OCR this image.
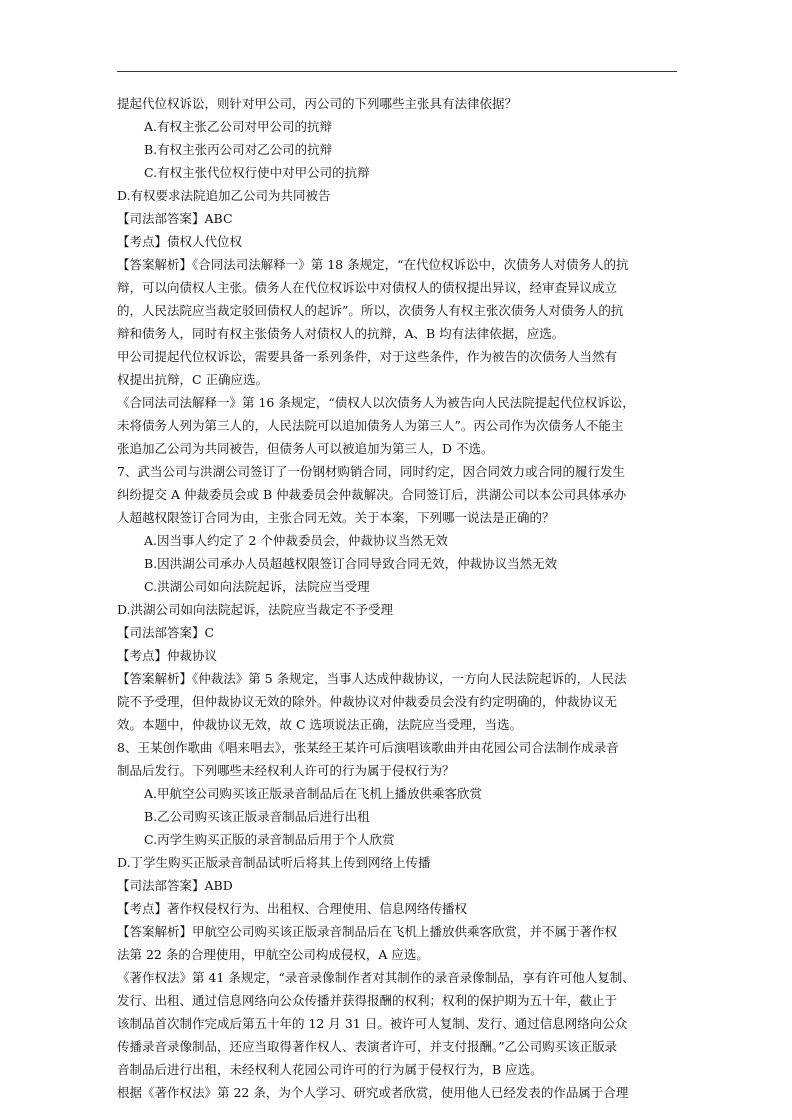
提起代位权诉讼，则针对甲公司，丙公司的下列哪些主张具有法律依据？
A.有权主张乙公司对甲公司的抗辩
B.有权主张丙公司对乙公司的抗辩
C.有权主张代位权行使中对甲公司的抗辩
D.有权要求法院追加乙公司为共同被告
【司法部答案】ABC
【考点】债权人代位权
【答案解析】《合同法司法解释一》第 18 条规定，“在代位权诉讼中，次债务人对债务人的抗
辩，可以向债权人主张。债务人在代位权诉讼中对债权人的债权提出异议，经审查异议成立
的，人民法院应当裁定驳回债权人的起诉”。所以，次债务人有权主张次债务人对债务人的抗
辩和债务人，同时有权主张债务人对债权人的抗辩，A、B 均有法律依据，应选。
甲公司提起代位权诉讼，需要具备一系列条件，对于这些条件，作为被告的次债务人当然有
权提出抗辩，C 正确应选。
《合同法司法解释一》第 16 条规定，“债权人以次债务人为被告向人民法院提起代位权诉讼，
未将债务人列为第三人的，人民法院可以追加债务人为第三人”。丙公司作为次债务人不能主
张追加乙公司为共同被告，但债务人可以被追加为第三人，D 不选。
7、武当公司与洪湖公司签订了一份钢材购销合同，同时约定，因合同效力或合同的履行发生
纠纷提交 A 仲裁委员会或 B 仲裁委员会仲裁解决。合同签订后，洪湖公司以本公司具体承办
人超越权限签订合同为由，主张合同无效。关于本案，下列哪一说法是正确的？
A.因当事人约定了 2 个仲裁委员会，仲裁协议当然无效
B.因洪湖公司承办人员超越权限签订合同导致合同无效，仲裁协议当然无效
C.洪湖公司如向法院起诉，法院应当受理
D.洪湖公司如向法院起诉，法院应当裁定不予受理
【司法部答案】C
【考点】仲裁协议
【答案解析】《仲裁法》第 5 条规定，当事人达成仲裁协议，一方向人民法院起诉的，人民法
院不予受理，但仲裁协议无效的除外。仲裁协议对仲裁委员会没有约定明确的，仲裁协议无
效。本题中，仲裁协议无效，故 C 选项说法正确，法院应当受理，当选。
8、王某创作歌曲《唱来唱去》，张某经王某许可后演唱该歌曲并由花园公司合法制作成录音
制品后发行。下列哪些未经权利人许可的行为属于侵权行为？
A.甲航空公司购买该正版录音制品后在飞机上播放供乘客欣赏
B.乙公司购买该正版录音制品后进行出租
C.丙学生购买正版的录音制品后用于个人欣赏
D.丁学生购买正版录音制品试听后将其上传到网络上传播
【司法部答案】ABD
【考点】著作权侵权行为、出租权、合理使用、信息网络传播权
【答案解析】甲航空公司购买该正版录音制品后在飞机上播放供乘客欣赏，并不属于著作权
法第 22 条的合理使用，甲航空公司构成侵权，A 应选。
《著作权法》第 41 条规定，“录音录像制作者对其制作的录音录像制品，享有许可他人复制、
发行、出租、通过信息网络向公众传播并获得报酬的权利；权利的保护期为五十年，截止于
该制品首次制作完成后第五十年的 12 月 31 日。被许可人复制、发行、通过信息网络向公众
传播录音录像制品，还应当取得著作权人、表演者许可，并支付报酬。”乙公司购买该正版录
音制品后进行出租，未经权利人花园公司许可的行为属于侵权行为，B 应选。
根据《著作权法》第 22 条，为个人学习、研究或者欣赏，使用他人已经发表的作品属于合理
